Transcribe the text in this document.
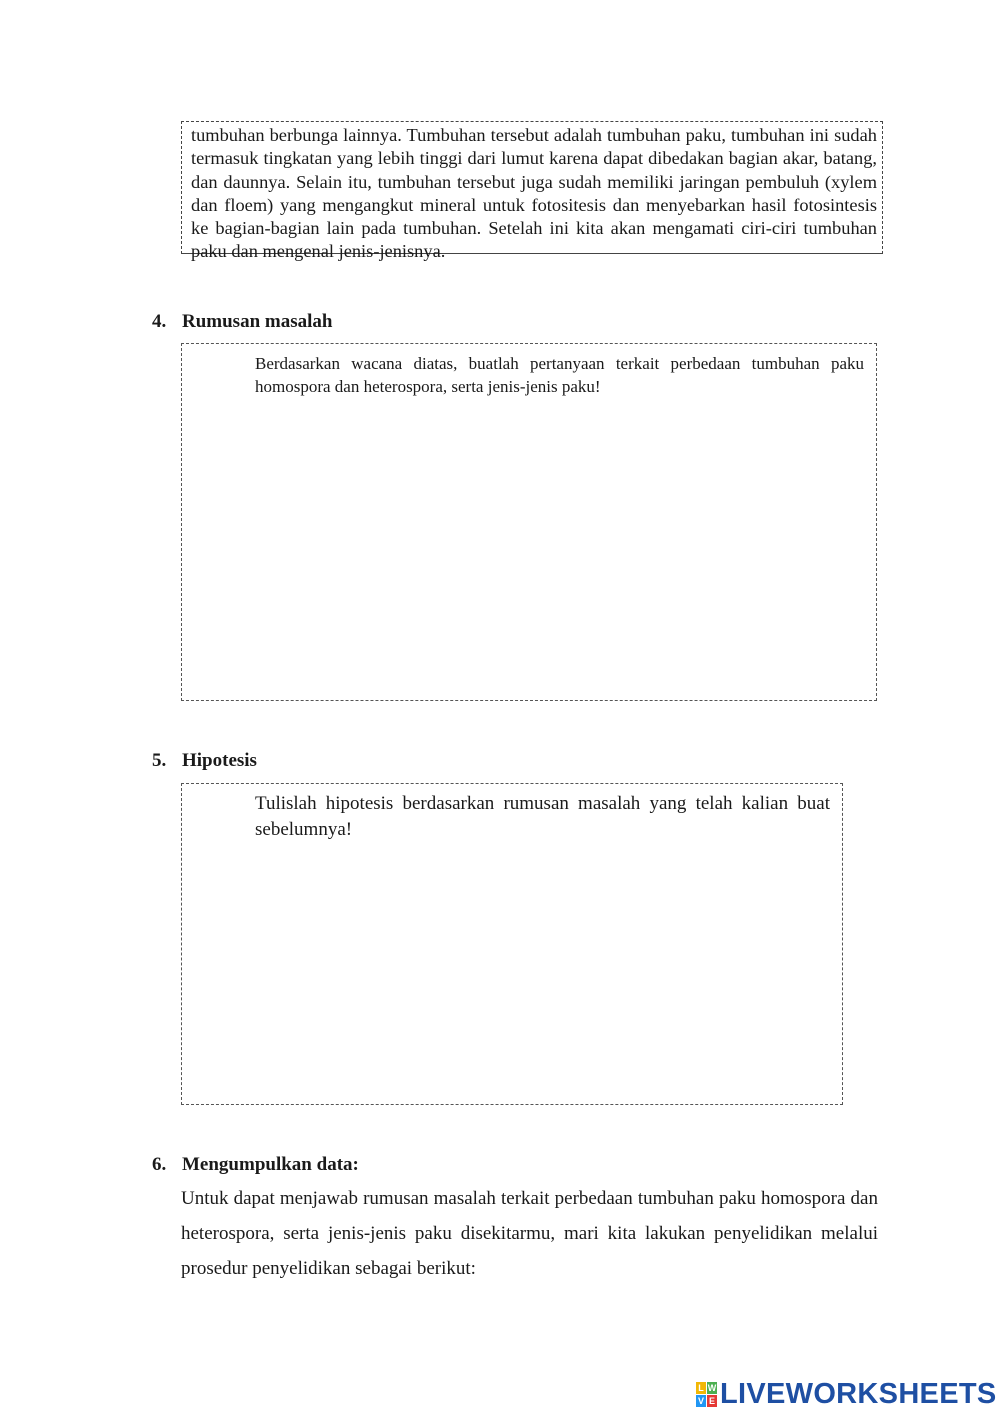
tumbuhan berbunga lainnya. Tumbuhan tersebut adalah tumbuhan paku, tumbuhan ini sudah termasuk tingkatan yang lebih tinggi dari lumut karena dapat dibedakan bagian akar, batang, dan daunnya. Selain itu, tumbuhan tersebut juga sudah memiliki jaringan pembuluh (xylem dan floem) yang mengangkut mineral untuk fotositesis dan menyebarkan hasil fotosintesis ke bagian-bagian lain pada tumbuhan. Setelah ini kita akan mengamati ciri-ciri tumbuhan paku dan mengenal jenis-jenisnya.

4. Rumusan masalah

Berdasarkan wacana diatas, buatlah pertanyaan terkait perbedaan tumbuhan paku homospora dan heterospora, serta jenis-jenis paku!

5. Hipotesis

Tulislah hipotesis berdasarkan rumusan masalah yang telah kalian buat sebelumnya!

6. Mengumpulkan data:

Untuk dapat menjawab rumusan masalah terkait perbedaan tumbuhan paku homospora dan heterospora, serta jenis-jenis paku disekitarmu, mari kita lakukan penyelidikan melalui prosedur penyelidikan sebagai berikut:

L W
V E LIVEWORKSHEETS
